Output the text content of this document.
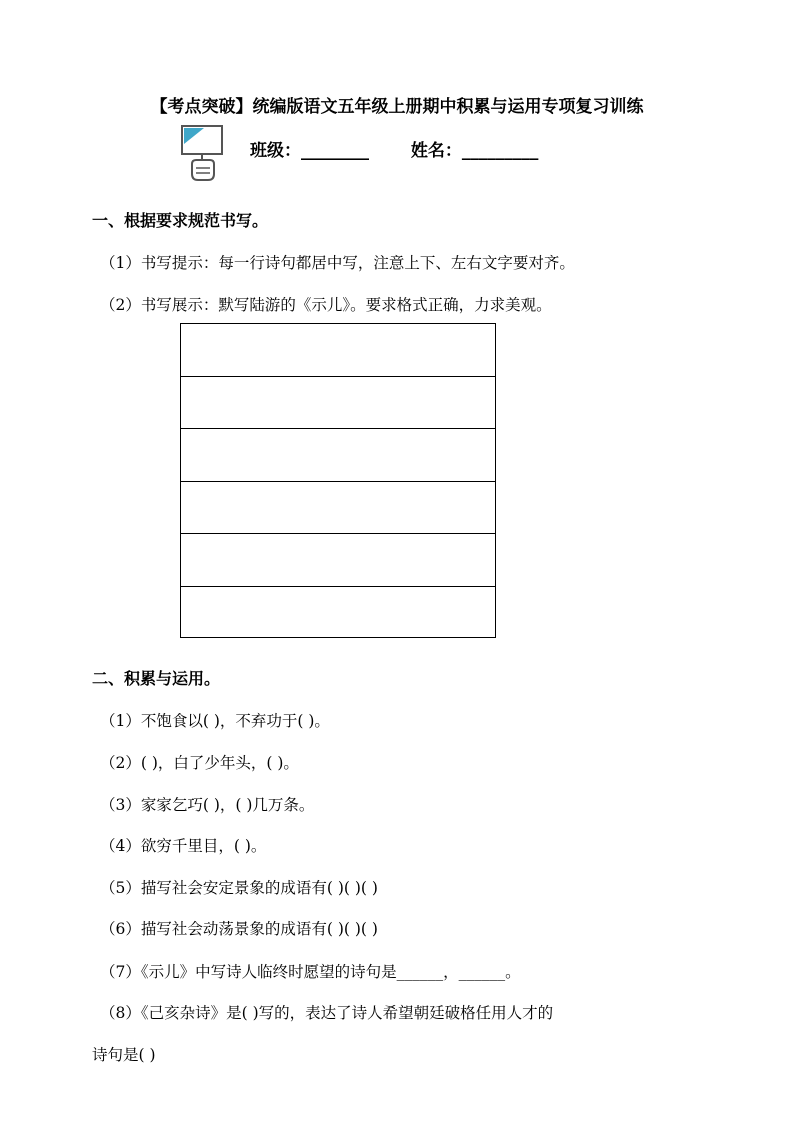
【考点突破】统编版语文五年级上册期中积累与运用专项复习训练
班级：________ 姓名：_________
一、根据要求规范书写。
（1）书写提示：每一行诗句都居中写，注意上下、左右文字要对齐。
（2）书写展示：默写陆游的《示儿》。要求格式正确，力求美观。
二、积累与运用。
（1）不饱食以( )，不弃功于( )。
（2）( )，白了少年头，( )。
（3）家家乞巧( )，( )几万条。
（4）欲穷千里目，( )。
（5）描写社会安定景象的成语有( )( )( )
（6）描写社会动荡景象的成语有( )( )( )
（7）《示儿》中写诗人临终时愿望的诗句是______，______。
（8）《己亥杂诗》是( )写的，表达了诗人希望朝廷破格任用人才的
诗句是( )
